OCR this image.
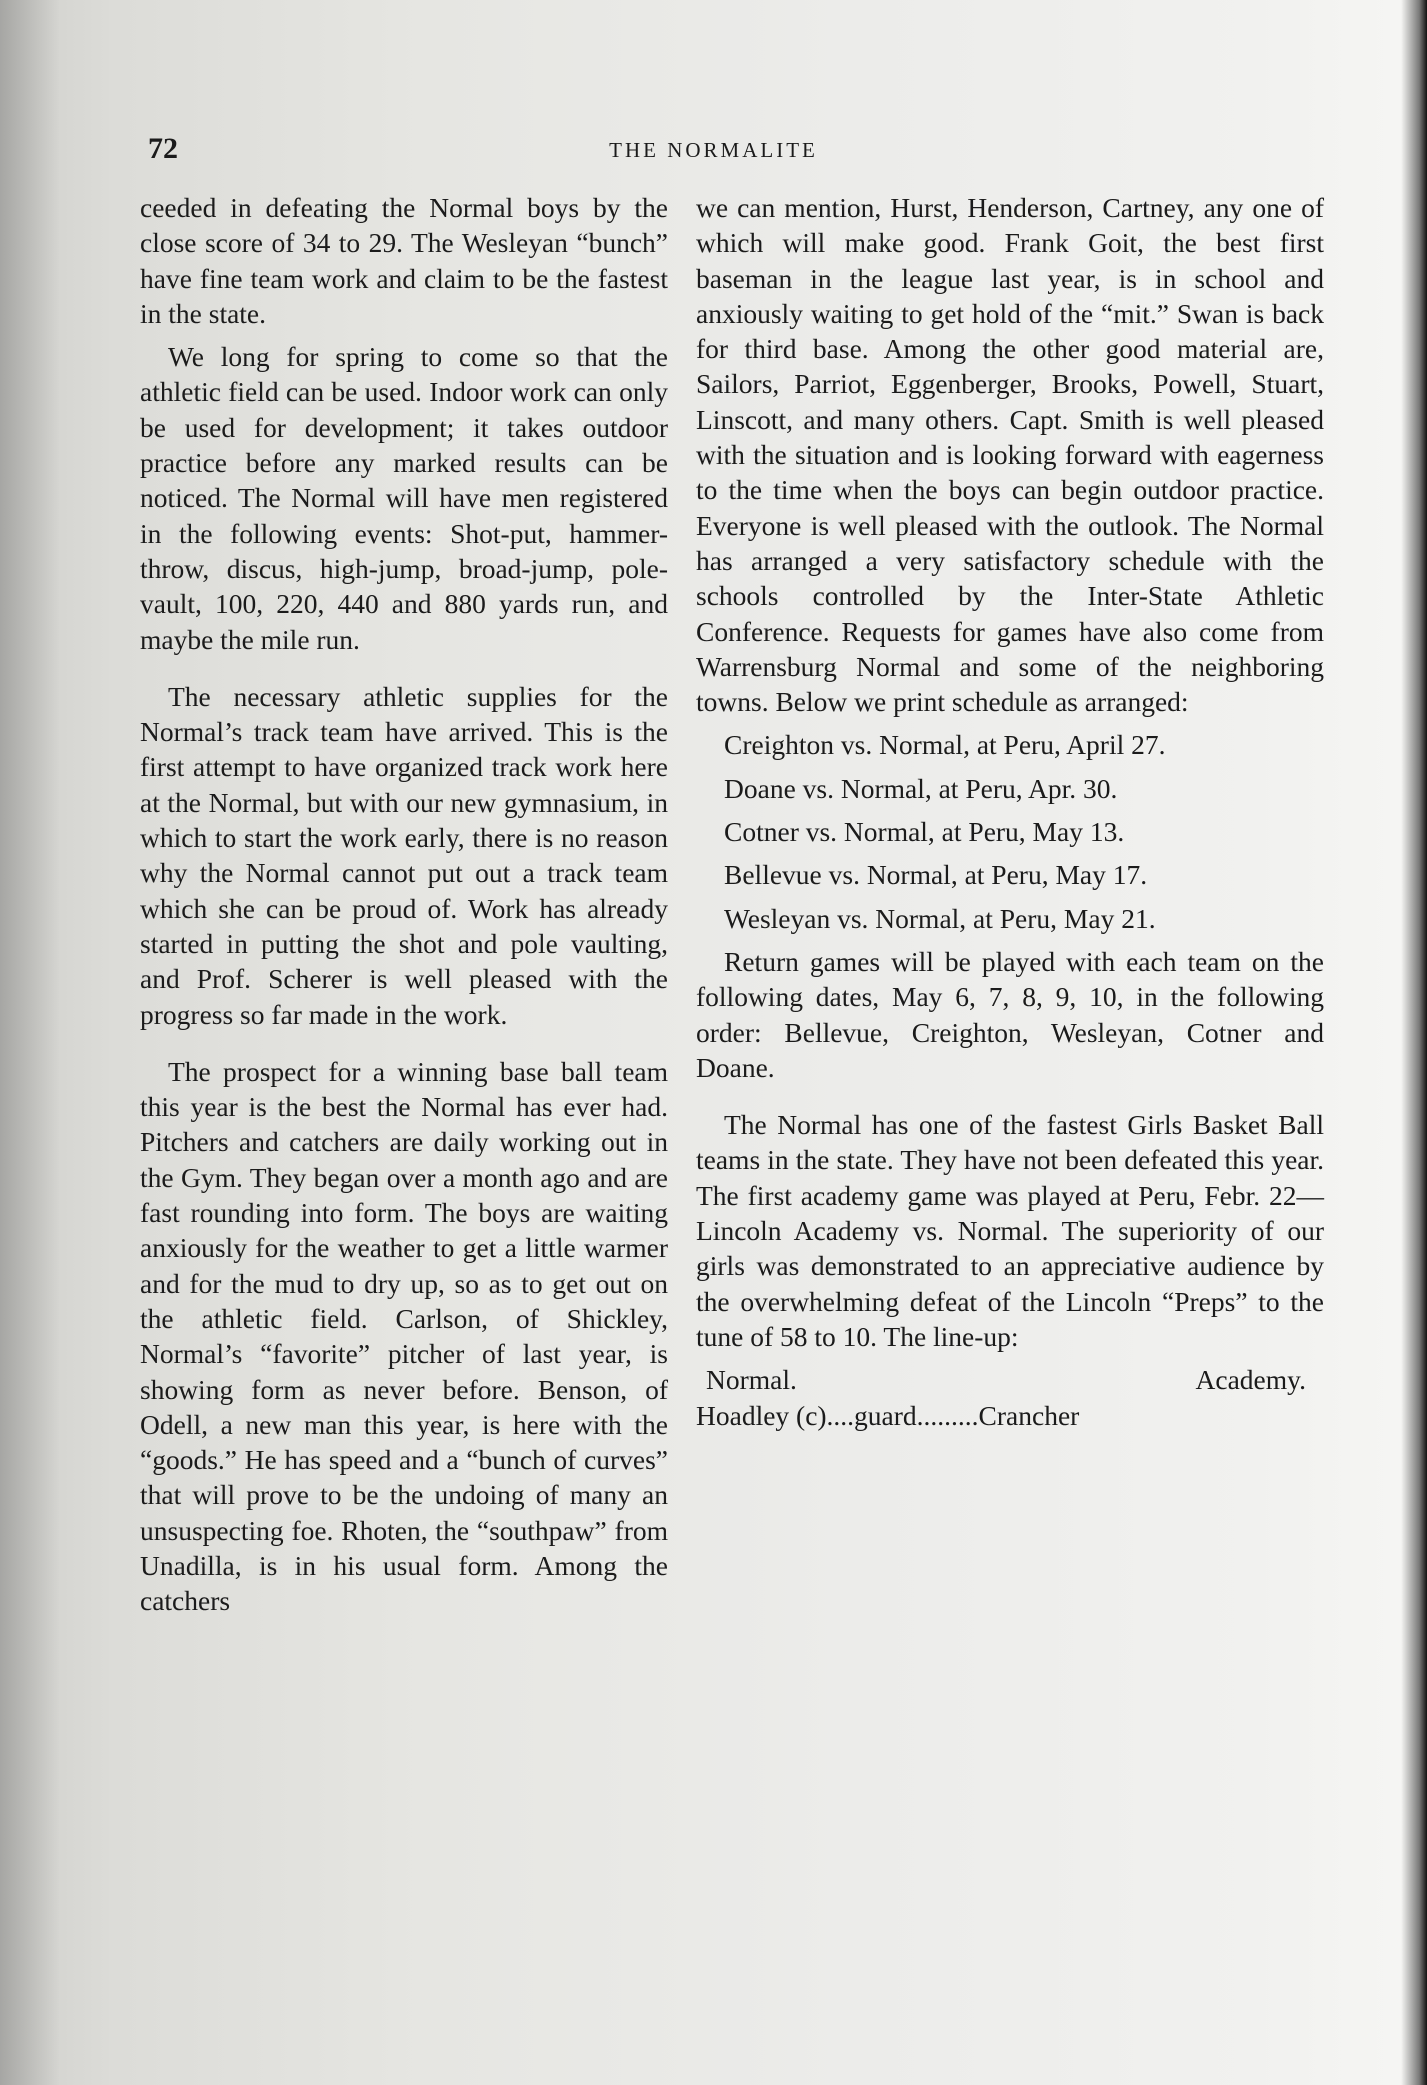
72	THE NORMALITE

ceeded in defeating the Normal boys by the close score of 34 to 29. The Wesleyan “bunch” have fine team work and claim to be the fastest in the state.

We long for spring to come so that the athletic field can be used. Indoor work can only be used for development; it takes outdoor practice before any marked results can be noticed. The Normal will have men registered in the following events: Shot-put, hammer-throw, discus, high-jump, broad-jump, pole-vault, 100, 220, 440 and 880 yards run, and maybe the mile run.

The necessary athletic supplies for the Normal’s track team have arrived. This is the first attempt to have organized track work here at the Normal, but with our new gymnasium, in which to start the work early, there is no reason why the Normal cannot put out a track team which she can be proud of. Work has already started in putting the shot and pole vaulting, and Prof. Scherer is well pleased with the progress so far made in the work.

The prospect for a winning base ball team this year is the best the Normal has ever had. Pitchers and catchers are daily working out in the Gym. They began over a month ago and are fast rounding into form. The boys are waiting anxiously for the weather to get a little warmer and for the mud to dry up, so as to get out on the athletic field. Carlson, of Shickley, Normal’s “favorite” pitcher of last year, is showing form as never before. Benson, of Odell, a new man this year, is here with the “goods.” He has speed and a “bunch of curves” that will prove to be the undoing of many an unsuspecting foe. Rhoten, the “southpaw” from Unadilla, is in his usual form. Among the catchers

we can mention, Hurst, Henderson, Cartney, any one of which will make good. Frank Goit, the best first baseman in the league last year, is in school and anxiously waiting to get hold of the “mit.” Swan is back for third base. Among the other good material are, Sailors, Parriot, Eggenberger, Brooks, Powell, Stuart, Linscott, and many others. Capt. Smith is well pleased with the situation and is looking forward with eagerness to the time when the boys can begin outdoor practice. Everyone is well pleased with the outlook. The Normal has arranged a very satisfactory schedule with the schools controlled by the Inter-State Athletic Conference. Requests for games have also come from Warrensburg Normal and some of the neighboring towns. Below we print schedule as arranged:

Creighton vs. Normal, at Peru, April 27.

Doane vs. Normal, at Peru, Apr. 30.

Cotner vs. Normal, at Peru, May 13.

Bellevue vs. Normal, at Peru, May 17.

Wesleyan vs. Normal, at Peru, May 21.

Return games will be played with each team on the following dates, May 6, 7, 8, 9, 10, in the following order: Bellevue, Creighton, Wesleyan, Cotner and Doane.

The Normal has one of the fastest Girls Basket Ball teams in the state. They have not been defeated this year. The first academy game was played at Peru, Febr. 22—Lincoln Academy vs. Normal. The superiority of our girls was demonstrated to an appreciative audience by the overwhelming defeat of the Lincoln “Preps” to the tune of 58 to 10. The line-up:

Normal.	Academy.
Hoadley (c)....guard.........Crancher
